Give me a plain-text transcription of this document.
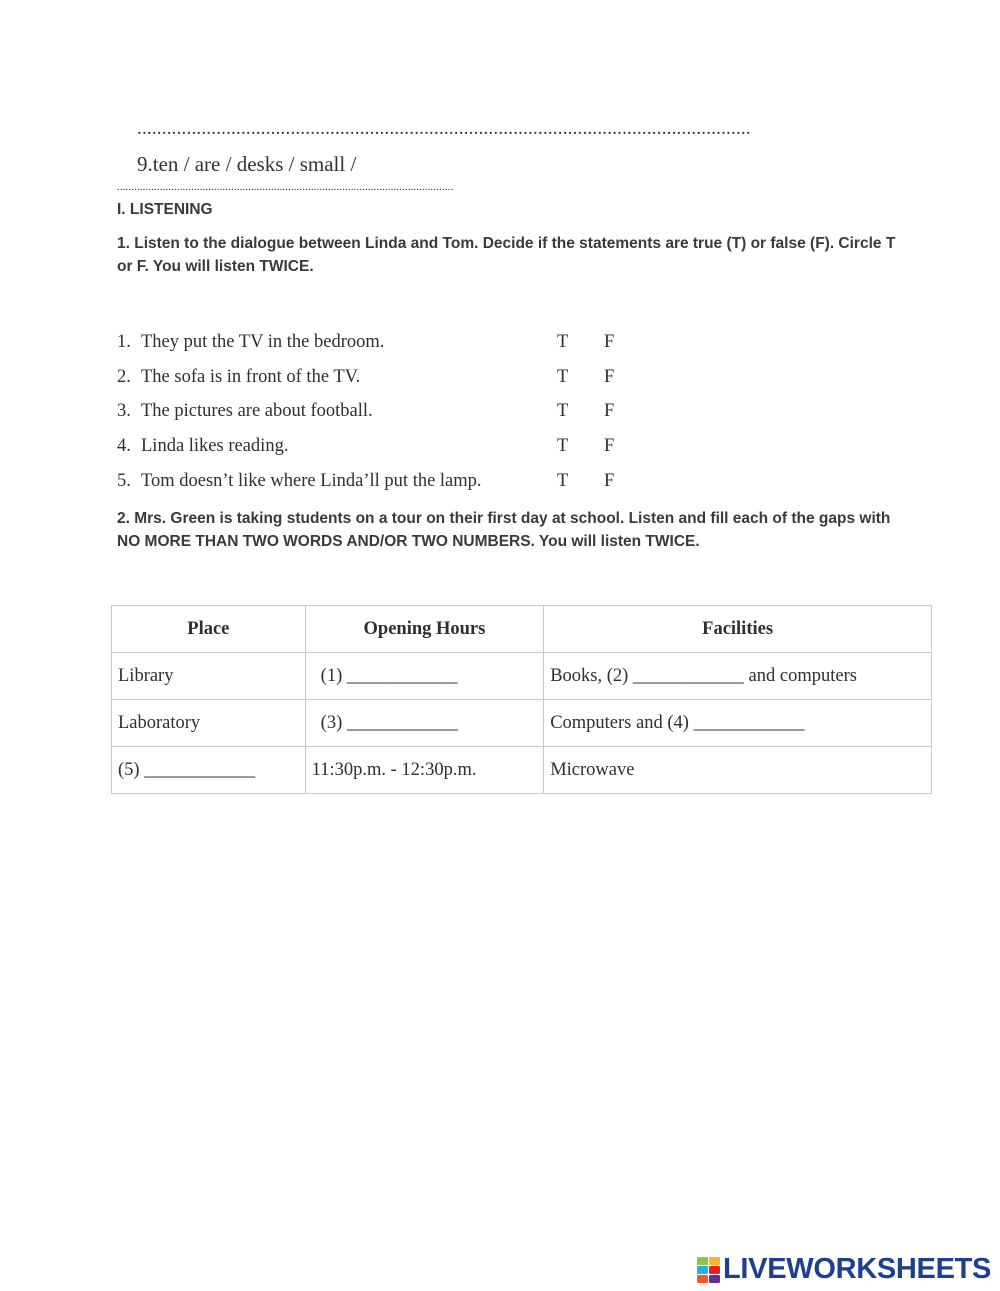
............................................................................................................................
9.ten / are / desks / small /
......................................................................................................................
I. LISTENING
1. Listen to the dialogue between Linda and Tom. Decide if the statements are true (T) or false (F). Circle T or F. You will listen TWICE.
1. They put the TV in the bedroom.	T F
2. The sofa is in front of the TV.	T F
3. The pictures are about football.	T F
4. Linda likes reading.	T F
5. Tom doesn’t like where Linda’ll put the lamp.	T F
2. Mrs. Green is taking students on a tour on their first day at school. Listen and fill each of the gaps with NO MORE THAN TWO WORDS AND/OR TWO NUMBERS. You will listen TWICE.
Place	Opening Hours	Facilities
Library	(1) ____________	Books, (2) ____________ and computers
Laboratory	(3) ____________	Computers and (4) ____________
(5) ____________	11:30p.m. - 12:30p.m.	Microwave
LIVEWORKSHEETS
